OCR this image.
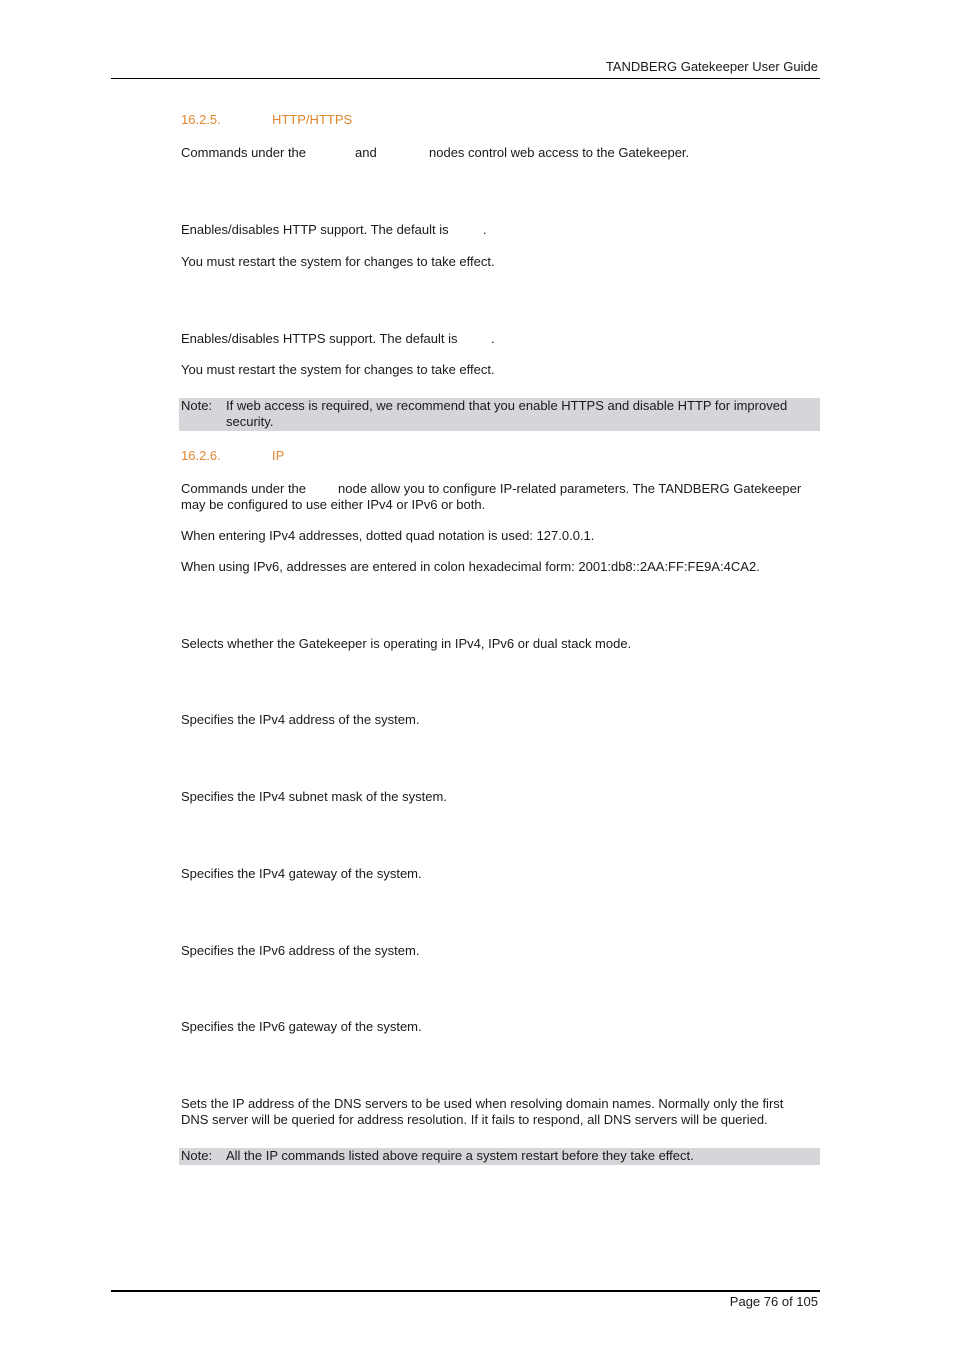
TANDBERG Gatekeeper User Guide
16.2.5.	HTTP/HTTPS
Commands under the	and	nodes control web access to the Gatekeeper.
Enables/disables HTTP support. The default is	.
You must restart the system for changes to take effect.
Enables/disables HTTPS support. The default is	.
You must restart the system for changes to take effect.
Note: If web access is required, we recommend that you enable HTTPS and disable HTTP for improved
security.
16.2.6.	IP
Commands under the node allow you to configure IP-related parameters. The TANDBERG Gatekeeper
may be configured to use either IPv4 or IPv6 or both.
When entering IPv4 addresses, dotted quad notation is used: 127.0.0.1.
When using IPv6, addresses are entered in colon hexadecimal form: 2001:db8::2AA:FF:FE9A:4CA2.
Selects whether the Gatekeeper is operating in IPv4, IPv6 or dual stack mode.
Specifies the IPv4 address of the system.
Specifies the IPv4 subnet mask of the system.
Specifies the IPv4 gateway of the system.
Specifies the IPv6 address of the system.
Specifies the IPv6 gateway of the system.
Sets the IP address of the DNS servers to be used when resolving domain names. Normally only the first
DNS server will be queried for address resolution. If it fails to respond, all DNS servers will be queried.
Note: All the IP commands listed above require a system restart before they take effect.
Page 76 of 105
